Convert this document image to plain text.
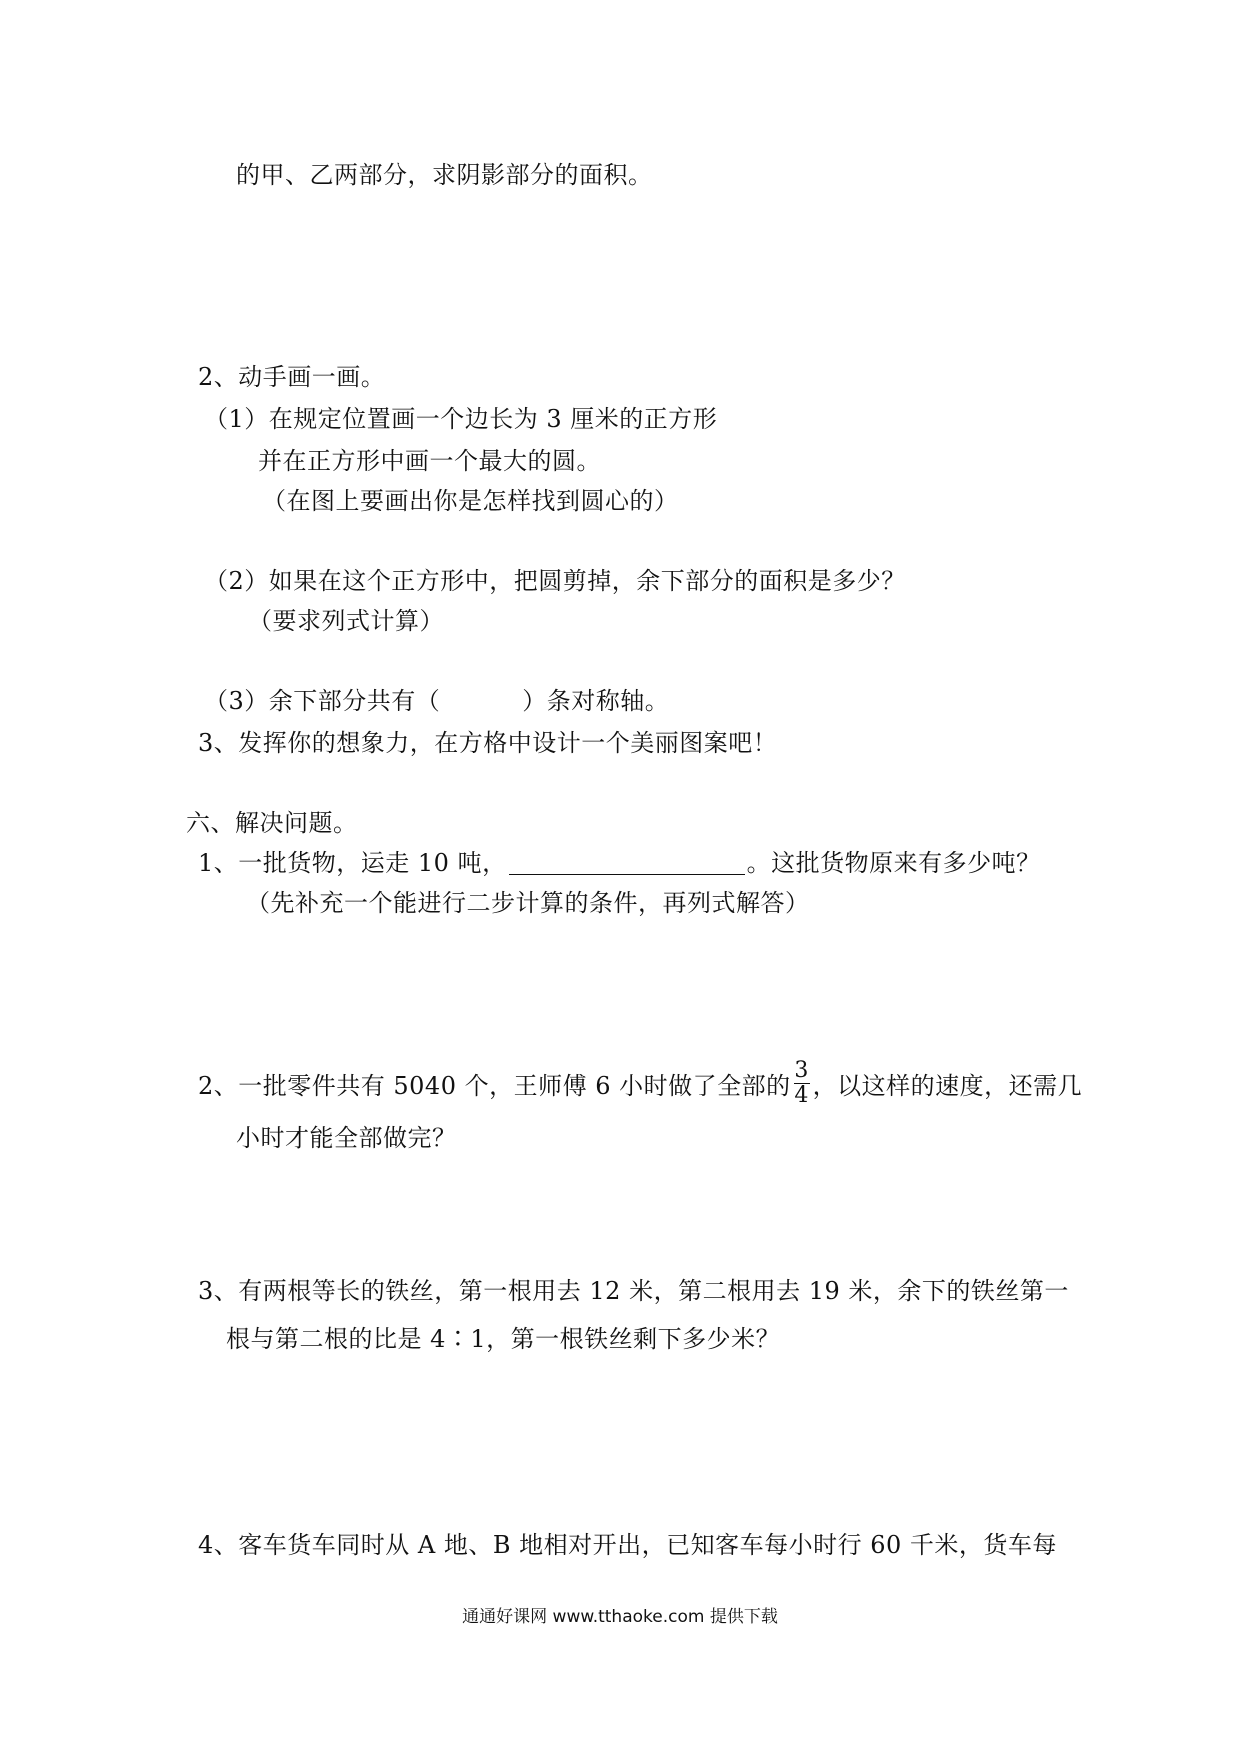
的甲、乙两部分，求阴影部分的面积。
2、动手画一画。
（1）在规定位置画一个边长为 3 厘米的正方形
并在正方形中画一个最大的圆。
（在图上要画出你是怎样找到圆心的）
（2）如果在这个正方形中，把圆剪掉，余下部分的面积是多少？
（要求列式计算）
（3）余下部分共有（	）条对称轴。
3、发挥你的想象力，在方格中设计一个美丽图案吧！
六、解决问题。
1、一批货物，运走 10 吨，	。这批货物原来有多少吨？
（先补充一个能进行二步计算的条件，再列式解答）
2、一批零件共有 5040 个，王师傅 6 小时做了全部的 $\frac{3}{4}$ ，以这样的速度，还需几
小时才能全部做完？
3、有两根等长的铁丝，第一根用去 12 米，第二根用去 19 米，余下的铁丝第一
根与第二根的比是 4∶1，第一根铁丝剩下多少米？
4、客车货车同时从 A 地、B 地相对开出，已知客车每小时行 60 千米，货车每
通通好课网 www.tthaoke.com 提供下载
